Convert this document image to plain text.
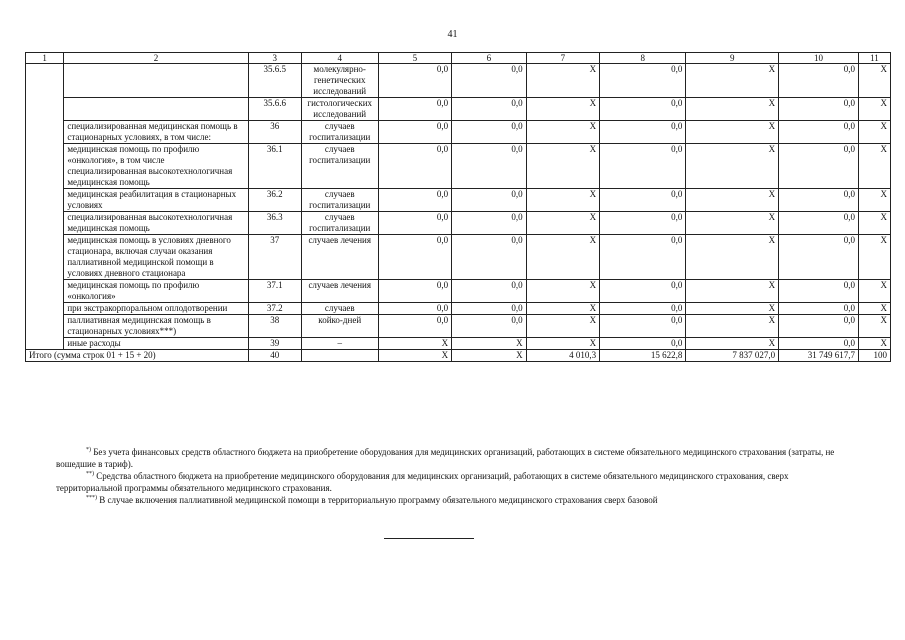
41
1	2	3	4	5	6	7	8	9	10	11
		35.6.5	молекулярно-генетических исследований	0,0	0,0	X	0,0	X	0,0	X
		35.6.6	гистологических исследований	0,0	0,0	X	0,0	X	0,0	X
	специализированная медицинская помощь в стационарных условиях, в том числе:	36	случаев госпитализации	0,0	0,0	X	0,0	X	0,0	X
	медицинская помощь по профилю «онкология», в том числе специализированная высокотехнологичная медицинская помощь	36.1	случаев госпитализации	0,0	0,0	X	0,0	X	0,0	X
	медицинская реабилитация в стационарных условиях	36.2	случаев госпитализации	0,0	0,0	X	0,0	X	0,0	X
	специализированная высокотехнологичная медицинская помощь	36.3	случаев госпитализации	0,0	0,0	X	0,0	X	0,0	X
	медицинская помощь в условиях дневного стационара, включая случаи оказания паллиативной медицинской помощи в условиях дневного стационара	37	случаев лечения	0,0	0,0	X	0,0	X	0,0	X
	медицинская помощь по профилю «онкология»	37.1	случаев лечения	0,0	0,0	X	0,0	X	0,0	X
	при экстракорпоральном оплодотворении	37.2	случаев	0,0	0,0	X	0,0	X	0,0	X
	паллиативная медицинская помощь в стационарных условиях***)	38	койко-дней	0,0	0,0	X	0,0	X	0,0	X
	иные расходы	39	–	X	X	X	0,0	X	0,0	X
Итого (сумма строк 01 + 15 + 20)		40		X	X	4 010,3	15 622,8	7 837 027,0	31 749 617,7	100
*) Без учета финансовых средств областного бюджета на приобретение оборудования для медицинских организаций, работающих в системе обязательного медицинского страхования (затраты, не вошедшие в тариф).
**) Средства областного бюджета на приобретение медицинского оборудования для медицинских организаций, работающих в системе обязательного медицинского страхования, сверх территориальной программы обязательного медицинского страхования.
***) В случае включения паллиативной медицинской помощи в территориальную программу обязательного медицинского страхования сверх базовой
